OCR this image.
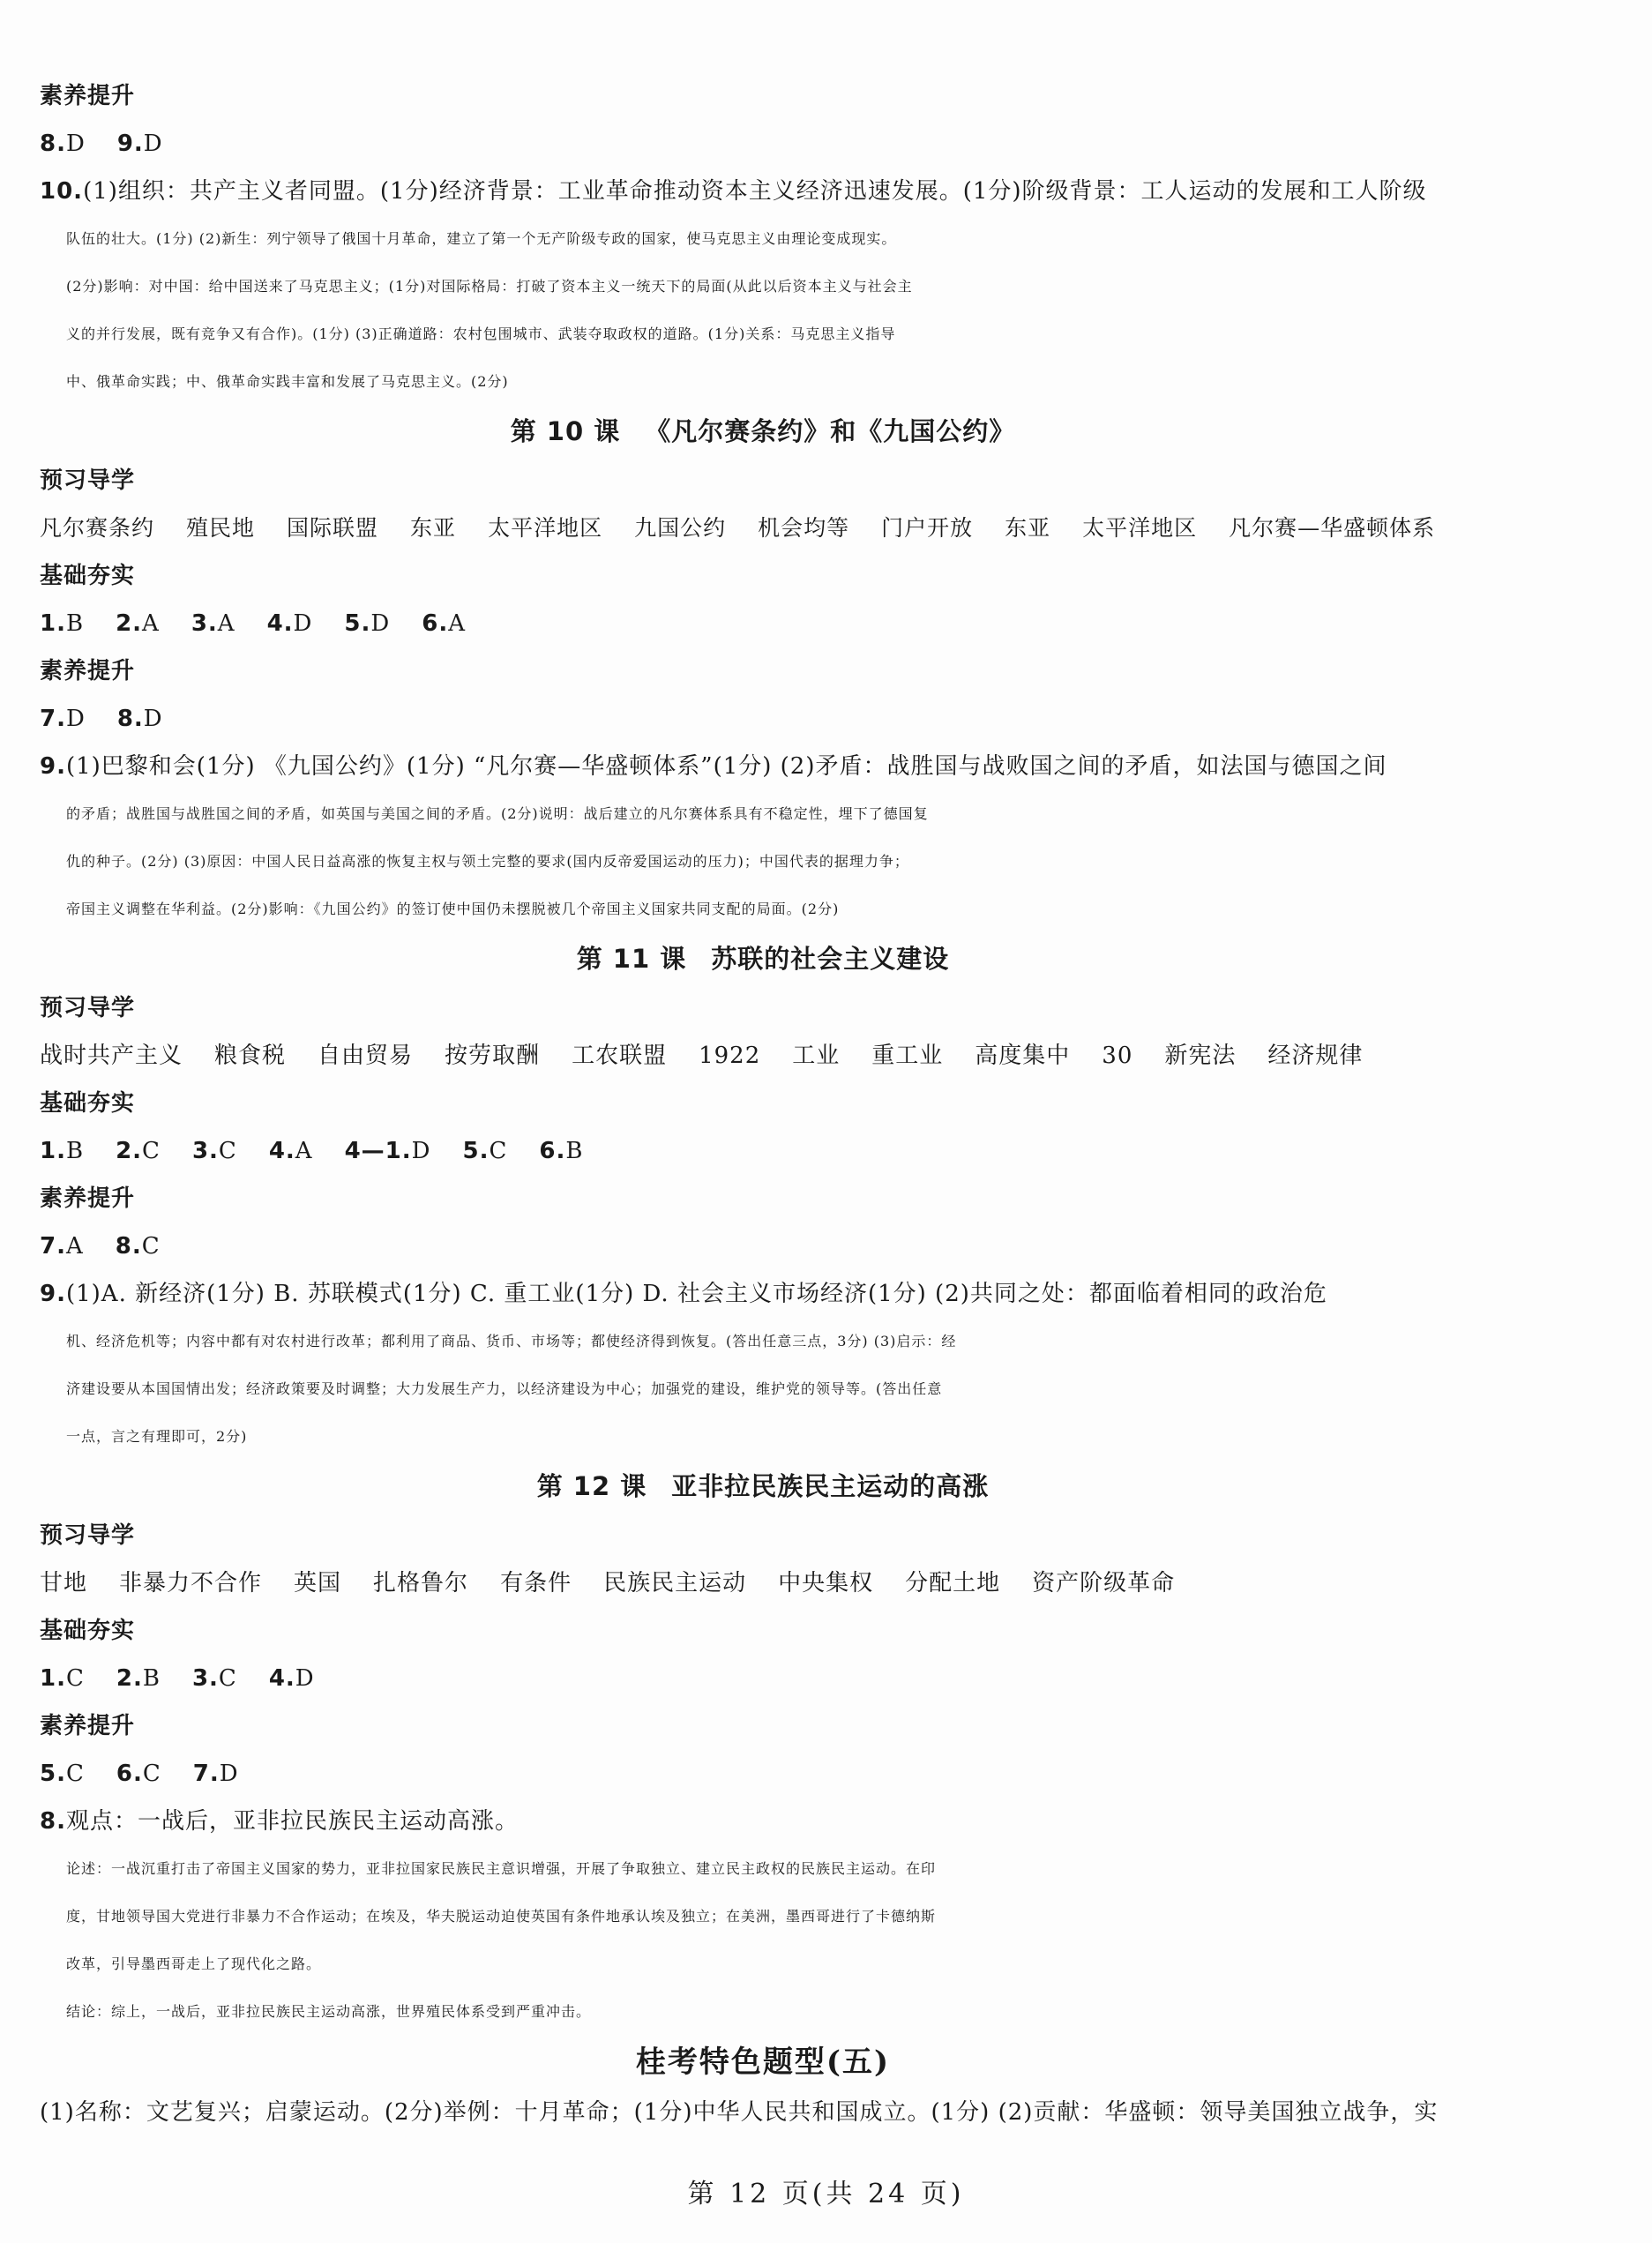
素养提升
8.D 9.D
10.(1)组织：共产主义者同盟。(1分)经济背景：工业革命推动资本主义经济迅速发展。(1分)阶级背景：工人运动的发展和工人阶级
队伍的壮大。(1分) (2)新生：列宁领导了俄国十月革命，建立了第一个无产阶级专政的国家，使马克思主义由理论变成现实。
(2分)影响：对中国：给中国送来了马克思主义；(1分)对国际格局：打破了资本主义一统天下的局面(从此以后资本主义与社会主
义的并行发展，既有竞争又有合作)。(1分) (3)正确道路：农村包围城市、武装夺取政权的道路。(1分)关系：马克思主义指导
中、俄革命实践；中、俄革命实践丰富和发展了马克思主义。(2分)
第 10 课 《凡尔赛条约》和《九国公约》
预习导学
凡尔赛条约 殖民地 国际联盟 东亚 太平洋地区 九国公约 机会均等 门户开放 东亚 太平洋地区 凡尔赛—华盛顿体系
基础夯实
1.B 2.A 3.A 4.D 5.D 6.A
素养提升
7.D 8.D
9.(1)巴黎和会(1分) 《九国公约》(1分) “凡尔赛—华盛顿体系”(1分) (2)矛盾：战胜国与战败国之间的矛盾，如法国与德国之间
的矛盾；战胜国与战胜国之间的矛盾，如英国与美国之间的矛盾。(2分)说明：战后建立的凡尔赛体系具有不稳定性，埋下了德国复
仇的种子。(2分) (3)原因：中国人民日益高涨的恢复主权与领土完整的要求(国内反帝爱国运动的压力)；中国代表的据理力争；
帝国主义调整在华利益。(2分)影响：《九国公约》的签订使中国仍未摆脱被几个帝国主义国家共同支配的局面。(2分)
第 11 课 苏联的社会主义建设
预习导学
战时共产主义 粮食税 自由贸易 按劳取酬 工农联盟 1922 工业 重工业 高度集中 30 新宪法 经济规律
基础夯实
1.B 2.C 3.C 4.A 4—1.D 5.C 6.B
素养提升
7.A 8.C
9.(1)A. 新经济(1分) B. 苏联模式(1分) C. 重工业(1分) D. 社会主义市场经济(1分) (2)共同之处：都面临着相同的政治危
机、经济危机等；内容中都有对农村进行改革；都利用了商品、货币、市场等；都使经济得到恢复。(答出任意三点，3分) (3)启示：经
济建设要从本国国情出发；经济政策要及时调整；大力发展生产力，以经济建设为中心；加强党的建设，维护党的领导等。(答出任意
一点，言之有理即可，2分)
第 12 课 亚非拉民族民主运动的高涨
预习导学
甘地 非暴力不合作 英国 扎格鲁尔 有条件 民族民主运动 中央集权 分配土地 资产阶级革命
基础夯实
1.C 2.B 3.C 4.D
素养提升
5.C 6.C 7.D
8.观点：一战后，亚非拉民族民主运动高涨。
论述：一战沉重打击了帝国主义国家的势力，亚非拉国家民族民主意识增强，开展了争取独立、建立民主政权的民族民主运动。在印
度，甘地领导国大党进行非暴力不合作运动；在埃及，华夫脱运动迫使英国有条件地承认埃及独立；在美洲，墨西哥进行了卡德纳斯
改革，引导墨西哥走上了现代化之路。
结论：综上，一战后，亚非拉民族民主运动高涨，世界殖民体系受到严重冲击。
桂考特色题型(五)
(1)名称：文艺复兴；启蒙运动。(2分)举例：十月革命；(1分)中华人民共和国成立。(1分) (2)贡献：华盛顿：领导美国独立战争，实
第 12 页(共 24 页)
